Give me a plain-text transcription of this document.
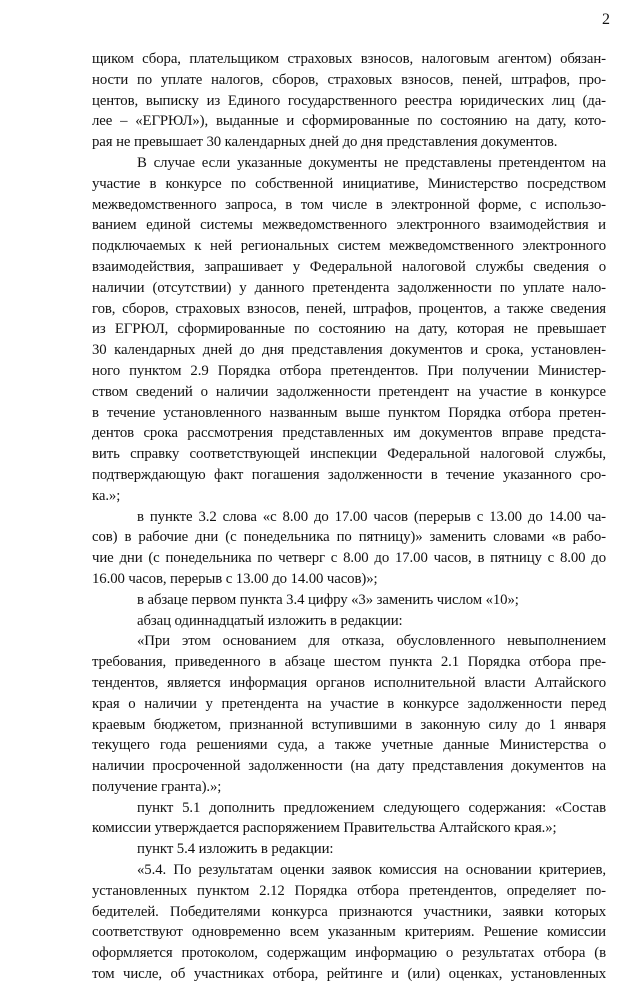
2
щиком сбора, плательщиком страховых взносов, налоговым агентом) обязан-
ности по уплате налогов, сборов, страховых взносов, пеней, штрафов, про-
центов, выписку из Единого государственного реестра юридических лиц (да-
лее – «ЕГРЮЛ»), выданные и сформированные по состоянию на дату, кото-
рая не превышает 30 календарных дней до дня представления документов.
В случае если указанные документы не представлены претендентом на
участие в конкурсе по собственной инициативе, Министерство посредством
межведомственного запроса, в том числе в электронной форме, с использо-
ванием единой системы межведомственного электронного взаимодействия и
подключаемых к ней региональных систем межведомственного электронного
взаимодействия, запрашивает у Федеральной налоговой службы сведения о
наличии (отсутствии) у данного претендента задолженности по уплате нало-
гов, сборов, страховых взносов, пеней, штрафов, процентов, а также сведения
из ЕГРЮЛ, сформированные по состоянию на дату, которая не превышает
30 календарных дней до дня представления документов и срока, установлен-
ного пунктом 2.9 Порядка отбора претендентов. При получении Министер-
ством сведений о наличии задолженности претендент на участие в конкурсе
в течение установленного названным выше пунктом Порядка отбора претен-
дентов срока рассмотрения представленных им документов вправе предста-
вить справку соответствующей инспекции Федеральной налоговой службы,
подтверждающую факт погашения задолженности в течение указанного сро-
ка.»;
в пункте 3.2 слова «с 8.00 до 17.00 часов (перерыв с 13.00 до 14.00 ча-
сов) в рабочие дни (с понедельника по пятницу)» заменить словами «в рабо-
чие дни (с понедельника по четверг с 8.00 до 17.00 часов, в пятницу с 8.00 до
16.00 часов, перерыв с 13.00 до 14.00 часов)»;
в абзаце первом пункта 3.4 цифру «3» заменить числом «10»;
абзац одиннадцатый изложить в редакции:
«При этом основанием для отказа, обусловленного невыполнением
требования, приведенного в абзаце шестом пункта 2.1 Порядка отбора пре-
тендентов, является информация органов исполнительной власти Алтайского
края о наличии у претендента на участие в конкурсе задолженности перед
краевым бюджетом, признанной вступившими в законную силу до 1 января
текущего года решениями суда, а также учетные данные Министерства о
наличии просроченной задолженности (на дату представления документов на
получение гранта).»;
пункт 5.1 дополнить предложением следующего содержания: «Состав
комиссии утверждается распоряжением Правительства Алтайского края.»;
пункт 5.4 изложить в редакции:
«5.4. По результатам оценки заявок комиссия на основании критериев,
установленных пунктом 2.12 Порядка отбора претендентов, определяет по-
бедителей. Победителями конкурса признаются участники, заявки которых
соответствуют одновременно всем указанным критериям. Решение комиссии
оформляется протоколом, содержащим информацию о результатах отбора (в
том числе, об участниках отбора, рейтинге и (или) оценках, установленных
